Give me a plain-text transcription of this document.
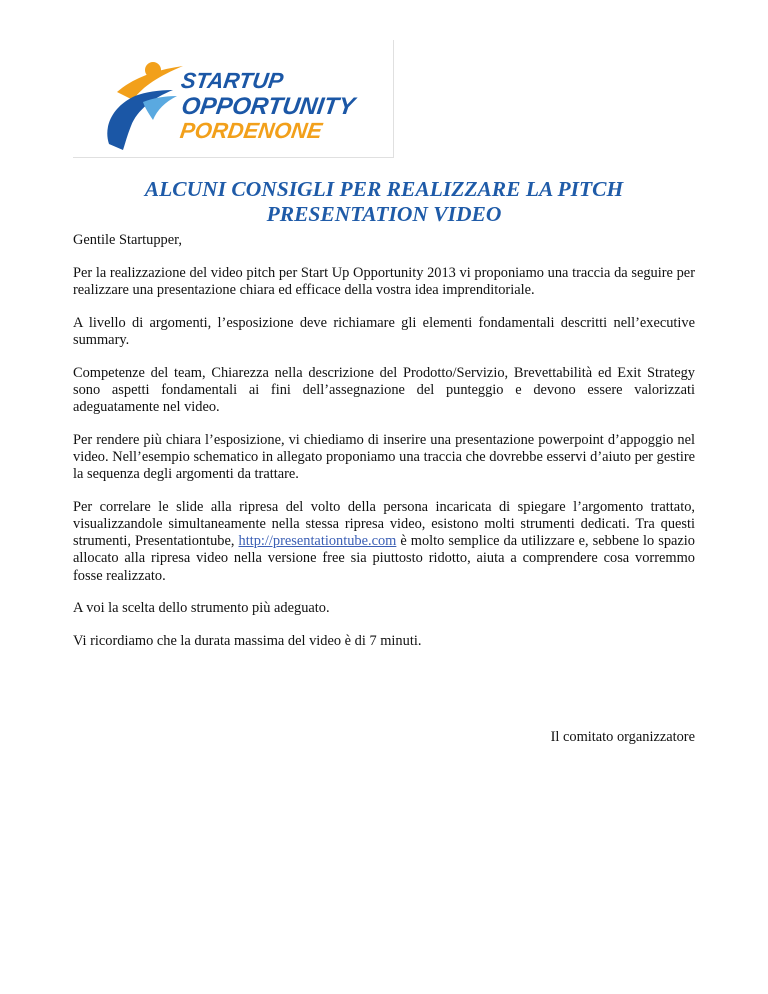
STARTUP
OPPORTUNITY
PORDENONE
ALCUNI CONSIGLI PER REALIZZARE LA PITCH
PRESENTATION VIDEO

Gentile Startupper,

Per la realizzazione del video pitch per Start Up Opportunity 2013 vi proponiamo una traccia da seguire per realizzare una presentazione chiara ed efficace della vostra idea imprenditoriale.

A livello di argomenti, l’esposizione deve richiamare gli elementi fondamentali descritti nell’executive summary.

Competenze del team, Chiarezza nella descrizione del Prodotto/Servizio, Brevettabilità ed Exit Strategy sono aspetti fondamentali ai fini dell’assegnazione del punteggio e devono essere valorizzati adeguatamente nel video.

Per rendere più chiara l’esposizione, vi chiediamo di inserire una presentazione powerpoint d’appoggio nel video. Nell’esempio schematico in allegato proponiamo una traccia che dovrebbe esservi d’aiuto per gestire la sequenza degli argomenti da trattare.

Per correlare le slide alla ripresa del volto della persona incaricata di spiegare l’argomento trattato, visualizzandole simultaneamente nella stessa ripresa video, esistono molti strumenti dedicati. Tra questi strumenti, Presentationtube, http://presentationtube.com è molto semplice da utilizzare e, sebbene lo spazio allocato alla ripresa video nella versione free sia piuttosto ridotto, aiuta a comprendere cosa vorremmo fosse realizzato.

A voi la scelta dello strumento più adeguato.

Vi ricordiamo che la durata massima del video è di 7 minuti.

Il comitato organizzatore
